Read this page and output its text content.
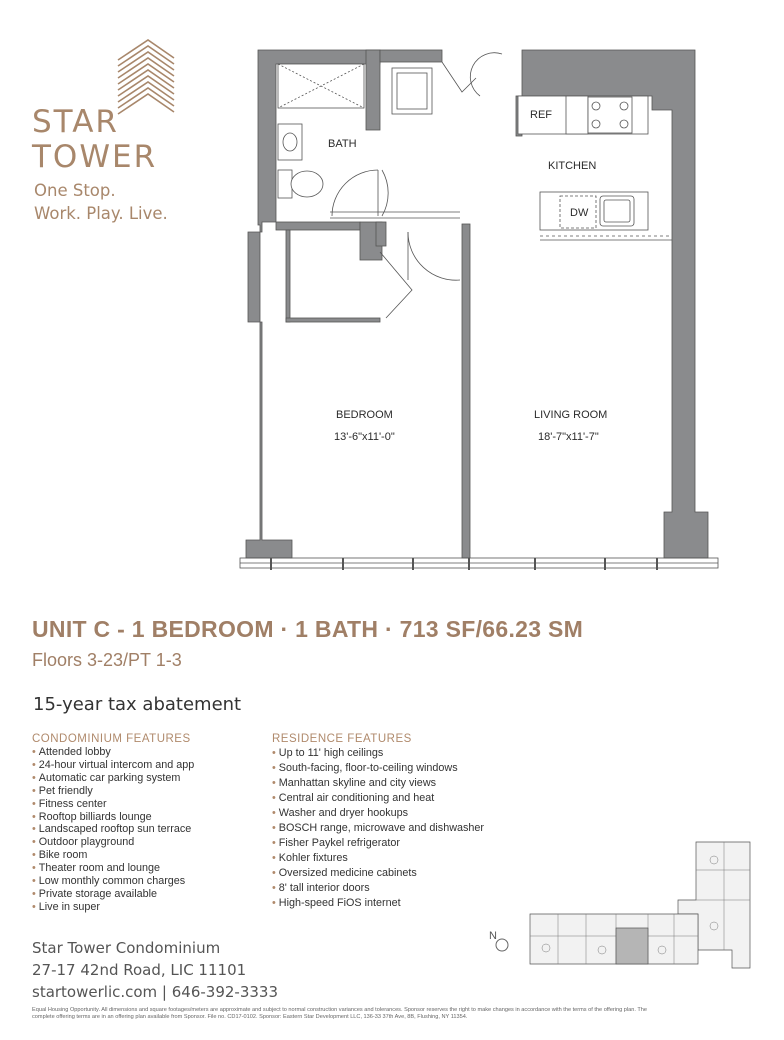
STAR
TOWER
One Stop.
Work. Play. Live.
BATH
KITCHEN
REF
DW
BEDROOM
13'-6"x11'-0"
LIVING ROOM
18'-7"x11'-7"
UNIT C - 1 BEDROOM · 1 BATH · 713 SF/66.23 SM
Floors 3-23/PT 1-3
15-year tax abatement
CONDOMINIUM FEATURES
• Attended lobby
• 24-hour virtual intercom and app
• Automatic car parking system
• Pet friendly
• Fitness center
• Rooftop billiards lounge
• Landscaped rooftop sun terrace
• Outdoor playground
• Bike room
• Theater room and lounge
• Low monthly common charges
• Private storage available
• Live in super
RESIDENCE FEATURES
• Up to 11' high ceilings
• South-facing, floor-to-ceiling windows
• Manhattan skyline and city views
• Central air conditioning and heat
• Washer and dryer hookups
• BOSCH range, microwave and dishwasher
• Fisher Paykel refrigerator
• Kohler fixtures
• Oversized medicine cabinets
• 8' tall interior doors
• High-speed FiOS internet
Star Tower Condominium
27-17 42nd Road, LIC 11101
startowerlic.com | 646-392-3333
N
Equal Housing Opportunity. All dimensions and square footages/meters are approximate and subject to normal construction variances and tolerances. Sponsor reserves the right to make changes in accordance with the terms of the offering plan. The complete offering terms are in an offering plan available from Sponsor. File no. CD17-0102. Sponsor: Eastern Star Development LLC, 136-33 37th Ave, 8B, Flushing, NY 11354.
